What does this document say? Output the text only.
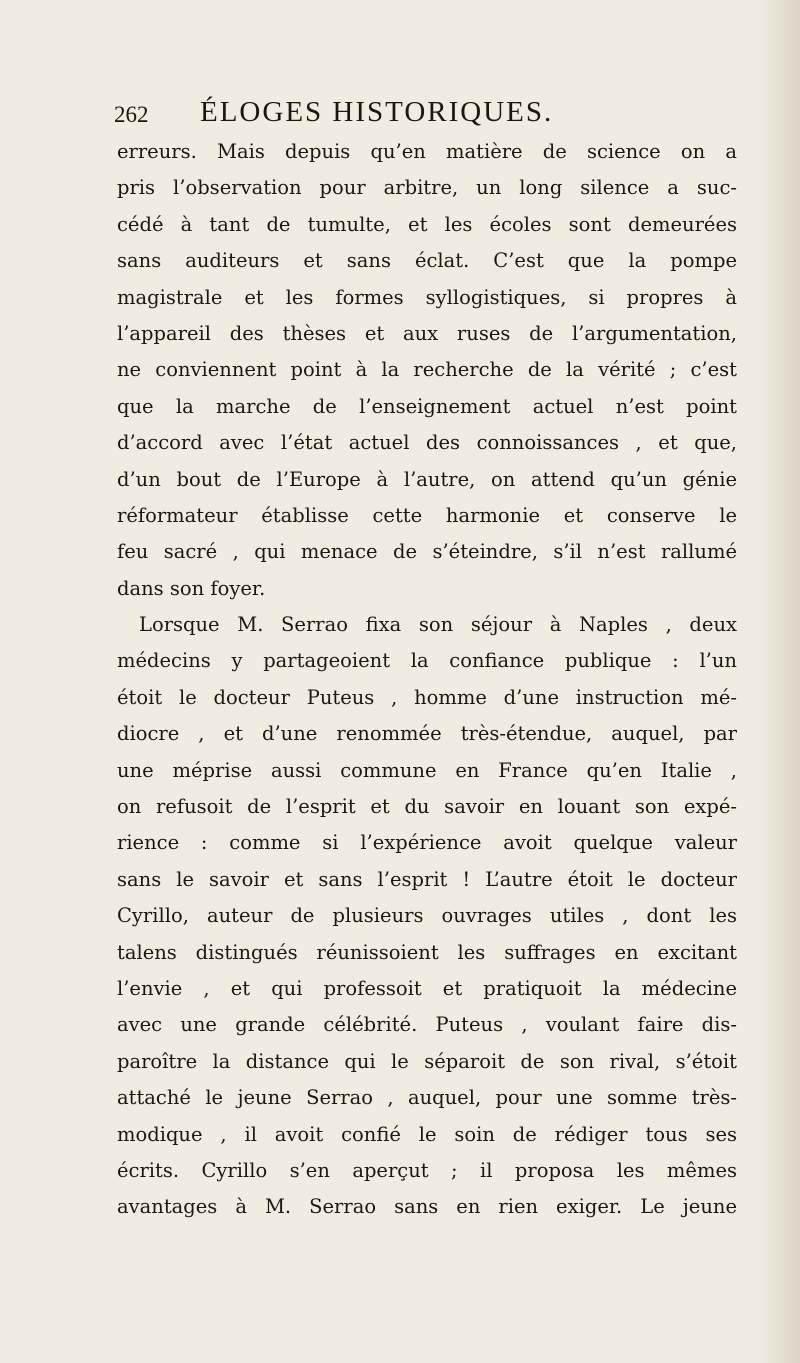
262 ÉLOGES HISTORIQUES.
erreurs. Mais depuis qu’en matière de science on a
pris l’observation pour arbitre, un long silence a suc-
cédé à tant de tumulte, et les écoles sont demeurées
sans auditeurs et sans éclat. C’est que la pompe
magistrale et les formes syllogistiques, si propres à
l’appareil des thèses et aux ruses de l’argumentation,
ne conviennent point à la recherche de la vérité ; c’est
que la marche de l’enseignement actuel n’est point
d’accord avec l’état actuel des connoissances , et que,
d’un bout de l’Europe à l’autre, on attend qu’un génie
réformateur établisse cette harmonie et conserve le
feu sacré , qui menace de s’éteindre, s’il n’est rallumé
dans son foyer.
Lorsque M. Serrao fixa son séjour à Naples , deux
médecins y partageoient la confiance publique : l’un
étoit le docteur Puteus , homme d’une instruction mé-
diocre , et d’une renommée très-étendue, auquel, par
une méprise aussi commune en France qu’en Italie ,
on refusoit de l’esprit et du savoir en louant son expé-
rience : comme si l’expérience avoit quelque valeur
sans le savoir et sans l’esprit ! L’autre étoit le docteur
Cyrillo, auteur de plusieurs ouvrages utiles , dont les
talens distingués réunissoient les suffrages en excitant
l’envie , et qui professoit et pratiquoit la médecine
avec une grande célébrité. Puteus , voulant faire dis-
paroître la distance qui le séparoit de son rival, s’étoit
attaché le jeune Serrao , auquel, pour une somme très-
modique , il avoit confié le soin de rédiger tous ses
écrits. Cyrillo s’en aperçut ; il proposa les mêmes
avantages à M. Serrao sans en rien exiger. Le jeune
